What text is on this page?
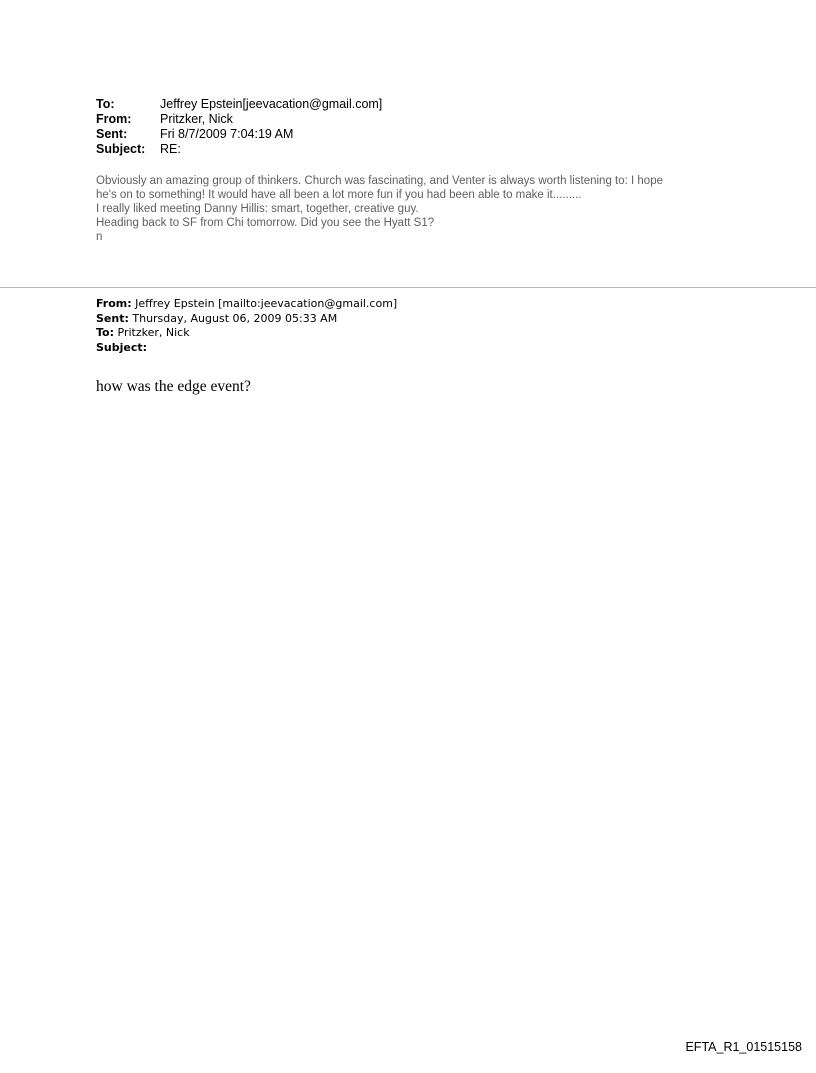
To:	Jeffrey Epstein[jeevacation@gmail.com]
From:	Pritzker, Nick
Sent:	Fri 8/7/2009 7:04:19 AM
Subject:	RE:
Obviously an amazing group of thinkers. Church was fascinating, and Venter is always worth listening to: I hope
he's on to something! It would have all been a lot more fun if you had been able to make it.........
I really liked meeting Danny Hillis: smart, together, creative guy.
Heading back to SF from Chi tomorrow. Did you see the Hyatt S1?
n
From: Jeffrey Epstein [mailto:jeevacation@gmail.com]
Sent: Thursday, August 06, 2009 05:33 AM
To: Pritzker, Nick
Subject:
how was the edge event?
EFTA_R1_01515158
